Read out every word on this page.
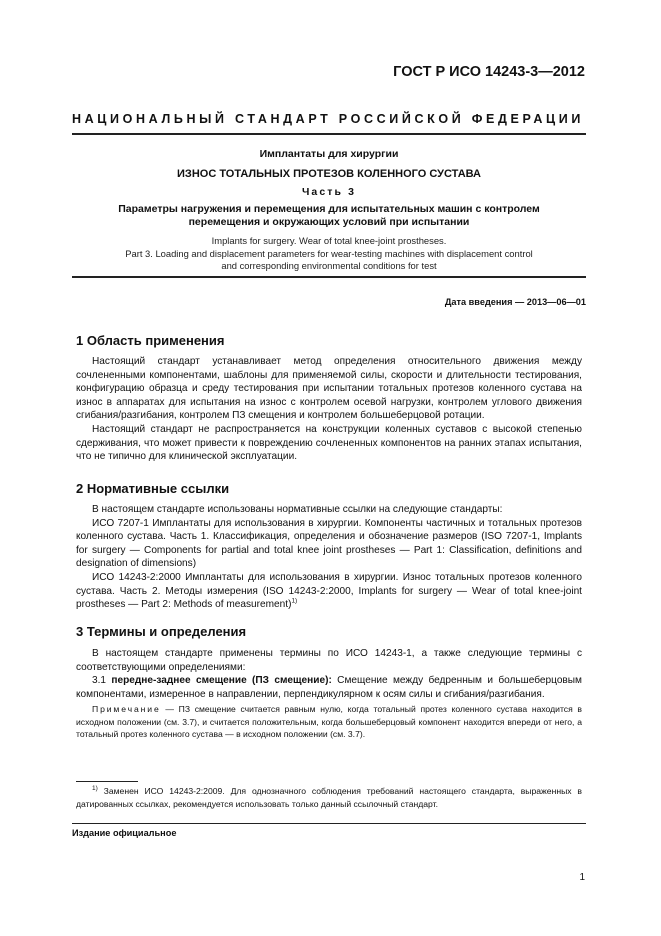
ГОСТ Р ИСО 14243-3—2012
НАЦИОНАЛЬНЫЙ СТАНДАРТ РОССИЙСКОЙ ФЕДЕРАЦИИ
Имплантаты для хирургии
ИЗНОС ТОТАЛЬНЫХ ПРОТЕЗОВ КОЛЕННОГО СУСТАВА
Часть 3
Параметры нагружения и перемещения для испытательных машин с контролем
перемещения и окружающих условий при испытании
Implants for surgery. Wear of total knee-joint prostheses.
Part 3. Loading and displacement parameters for wear-testing machines with displacement control
and corresponding environmental conditions for test
Дата введения — 2013—06—01
1 Область применения

Настоящий стандарт устанавливает метод определения относительного движения между сочлененными компонентами, шаблоны для применяемой силы, скорости и длительности тестирования, конфигурацию образца и среду тестирования при испытании тотальных протезов коленного сустава на износ в аппаратах для испытания на износ с контролем осевой нагрузки, контролем углового движения сгибания/разгибания, контролем ПЗ смещения и контролем большеберцовой ротации.

Настоящий стандарт не распространяется на конструкции коленных суставов с высокой степенью сдерживания, что может привести к повреждению сочлененных компонентов на ранних этапах испытания, что не типично для клинической эксплуатации.

2 Нормативные ссылки

В настоящем стандарте использованы нормативные ссылки на следующие стандарты:

ИСО 7207-1 Имплантаты для использования в хирургии. Компоненты частичных и тотальных протезов коленного сустава. Часть 1. Классификация, определения и обозначение размеров (ISO 7207-1, Implants for surgery — Components for partial and total knee joint prostheses — Part 1: Classification, definitions and designation of dimensions)

ИСО 14243-2:2000 Имплантаты для использования в хирургии. Износ тотальных протезов коленного сустава. Часть 2. Методы измерения (ISO 14243-2:2000, Implants for surgery — Wear of total knee-joint prostheses — Part 2: Methods of measurement)$^{1)}$

3 Термины и определения

В настоящем стандарте применены термины по ИСО 14243-1, а также следующие термины с соответствующими определениями:

3.1 передне-заднее смещение (ПЗ смещение): Смещение между бедренным и большеберцовым компонентами, измеренное в направлении, перпендикулярном к осям силы и сгибания/разгибания.

Примечание — ПЗ смещение считается равным нулю, когда тотальный протез коленного сустава находится в исходном положении (см. 3.7), и считается положительным, когда большеберцовый компонент находится впереди от него, а тотальный протез коленного сустава — в исходном положении (см. 3.7).

$^{1)}$ Заменен ИСО 14243-2:2009. Для однозначного соблюдения требований настоящего стандарта, выраженных в датированных ссылках, рекомендуется использовать только данный ссылочный стандарт.

Издание официальное
1
